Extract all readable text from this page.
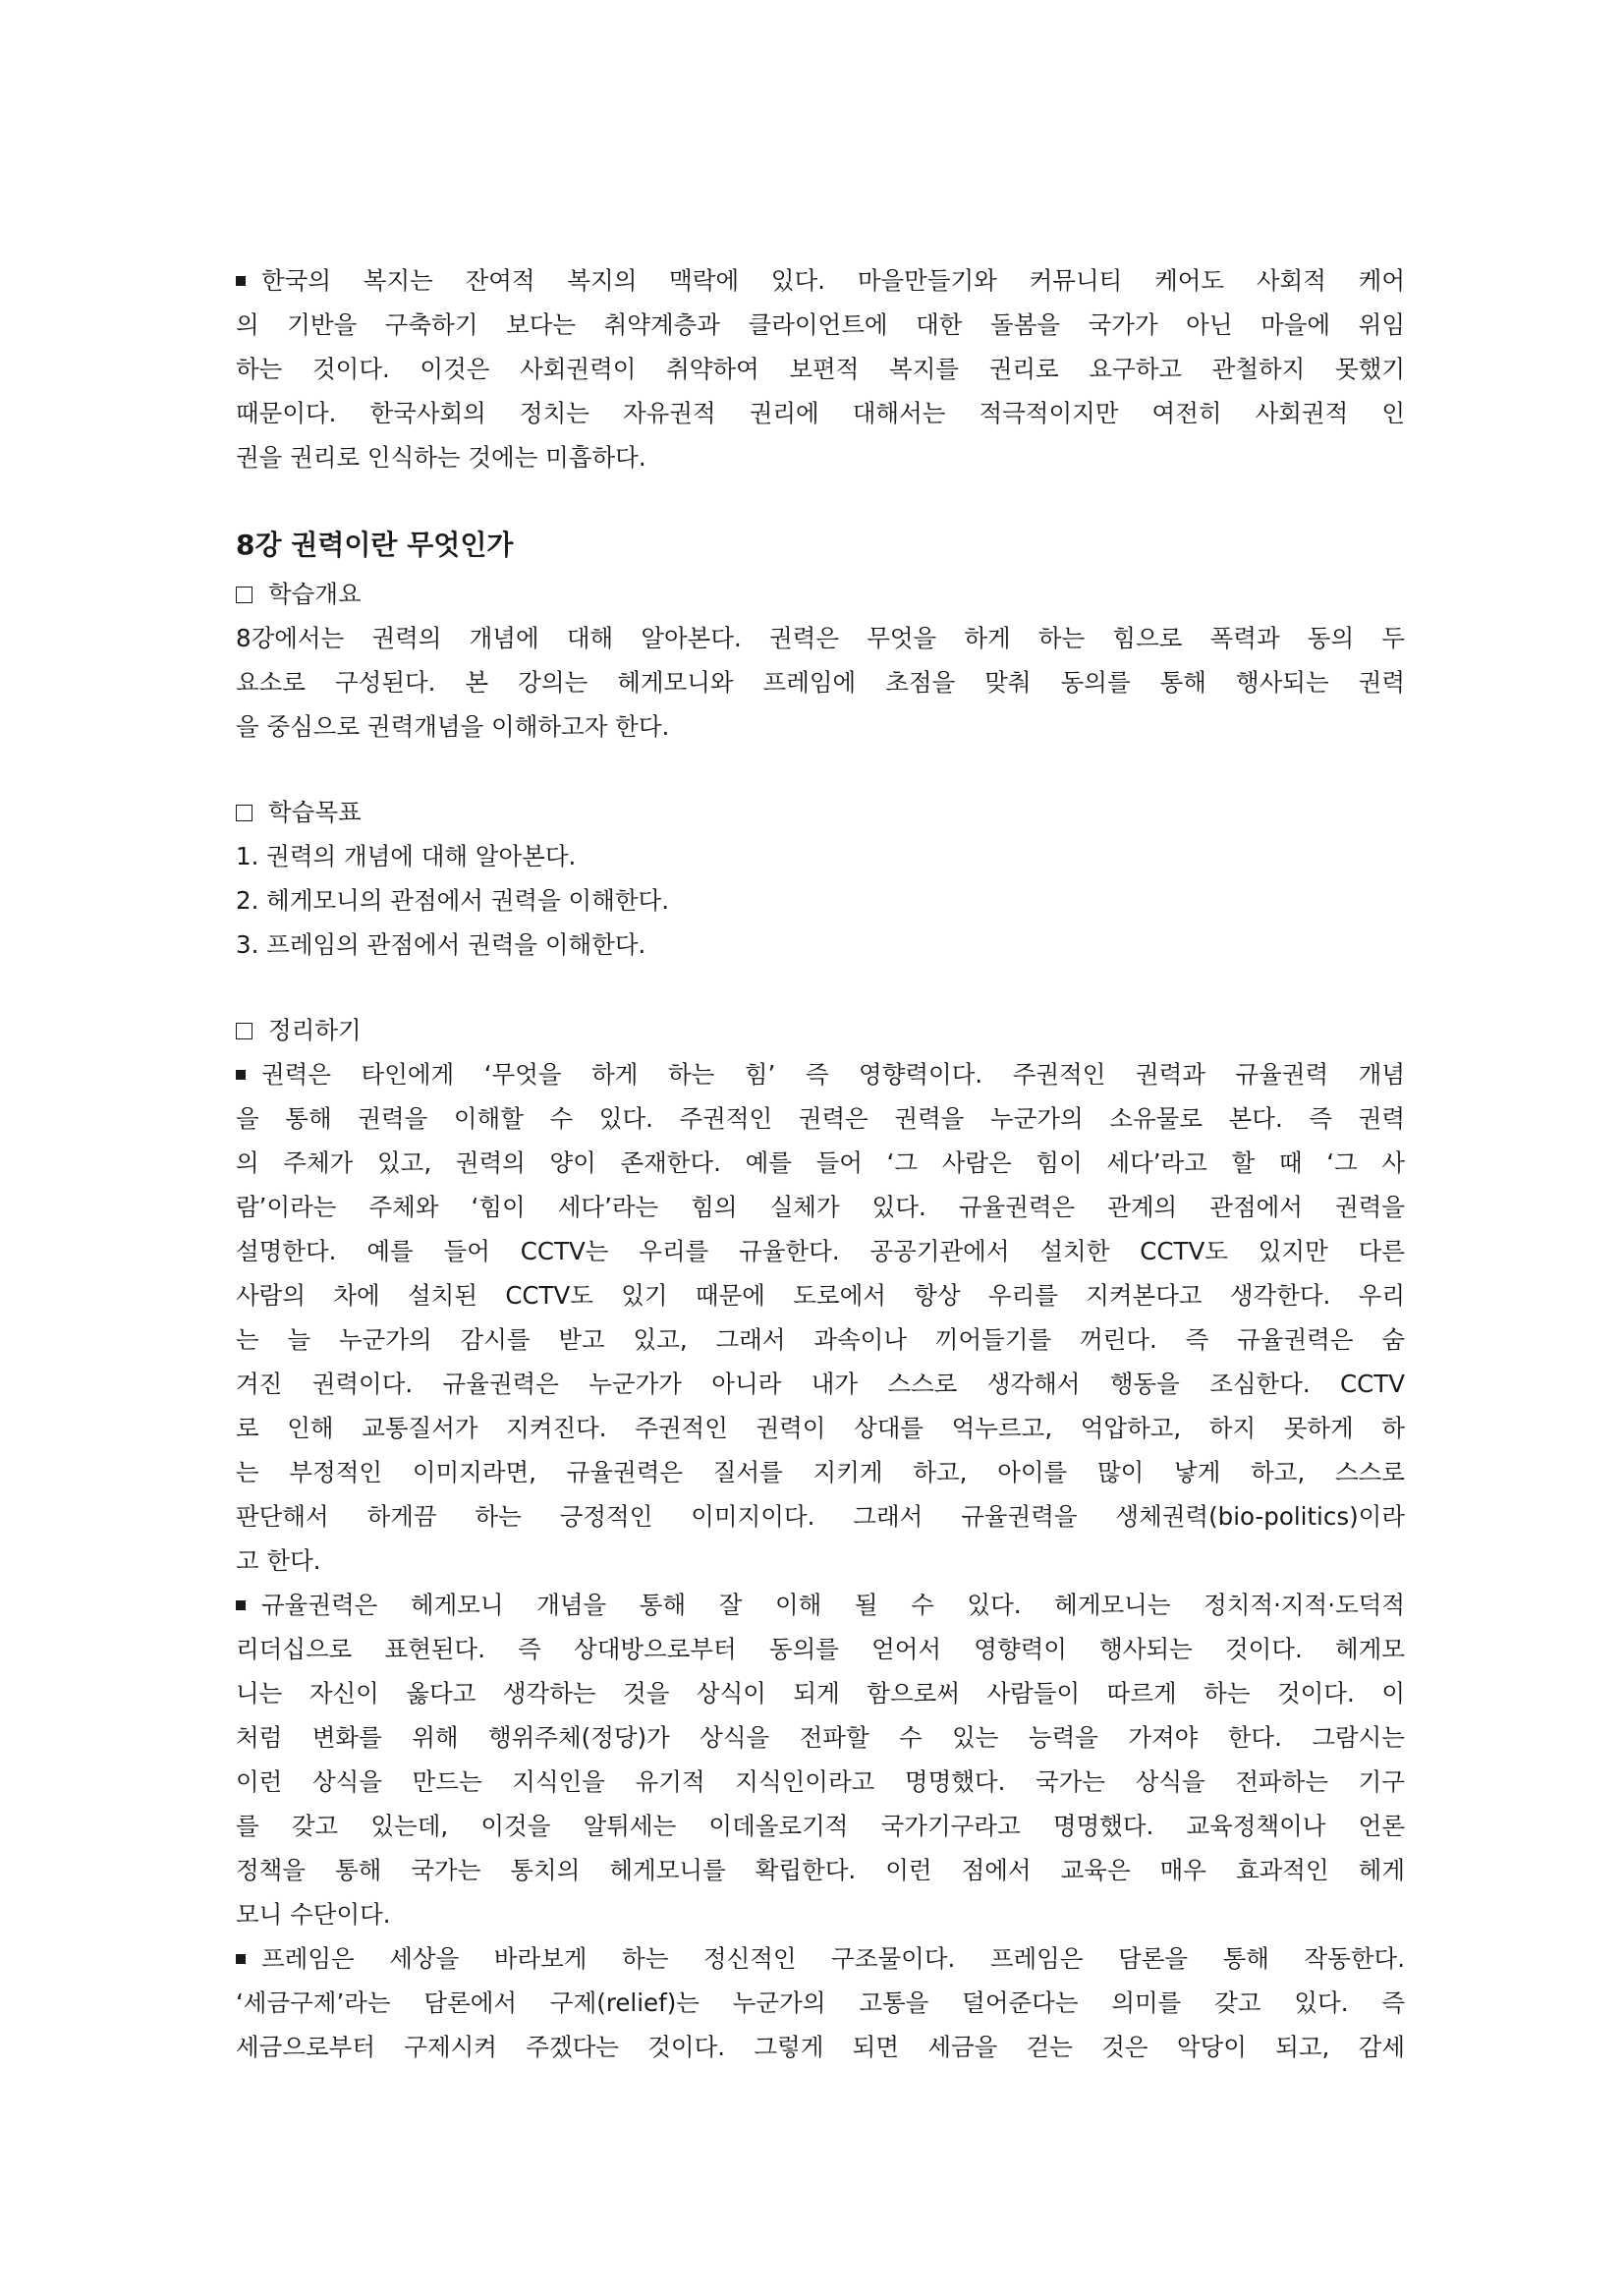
한국의 복지는 잔여적 복지의 맥락에 있다. 마을만들기와 커뮤니티 케어도 사회적 케어
의 기반을 구축하기 보다는 취약계층과 클라이언트에 대한 돌봄을 국가가 아닌 마을에 위임
하는 것이다. 이것은 사회권력이 취약하여 보편적 복지를 권리로 요구하고 관철하지 못했기
때문이다. 한국사회의 정치는 자유권적 권리에 대해서는 적극적이지만 여전히 사회권적 인
권을 권리로 인식하는 것에는 미흡하다.
8강 권력이란 무엇인가
학습개요
8강에서는 권력의 개념에 대해 알아본다. 권력은 무엇을 하게 하는 힘으로 폭력과 동의 두
요소로 구성된다. 본 강의는 헤게모니와 프레임에 초점을 맞춰 동의를 통해 행사되는 권력
을 중심으로 권력개념을 이해하고자 한다.
학습목표
1. 권력의 개념에 대해 알아본다.
2. 헤게모니의 관점에서 권력을 이해한다.
3. 프레임의 관점에서 권력을 이해한다.
정리하기
권력은 타인에게 ‘무엇을 하게 하는 힘’ 즉 영향력이다. 주권적인 권력과 규율권력 개념
을 통해 권력을 이해할 수 있다. 주권적인 권력은 권력을 누군가의 소유물로 본다. 즉 권력
의 주체가 있고, 권력의 양이 존재한다. 예를 들어 ‘그 사람은 힘이 세다’라고 할 때 ‘그 사
람’이라는 주체와 ‘힘이 세다’라는 힘의 실체가 있다. 규율권력은 관계의 관점에서 권력을
설명한다. 예를 들어 CCTV는 우리를 규율한다. 공공기관에서 설치한 CCTV도 있지만 다른
사람의 차에 설치된 CCTV도 있기 때문에 도로에서 항상 우리를 지켜본다고 생각한다. 우리
는 늘 누군가의 감시를 받고 있고, 그래서 과속이나 끼어들기를 꺼린다. 즉 규율권력은 숨
겨진 권력이다. 규율권력은 누군가가 아니라 내가 스스로 생각해서 행동을 조심한다. CCTV
로 인해 교통질서가 지켜진다. 주권적인 권력이 상대를 억누르고, 억압하고, 하지 못하게 하
는 부정적인 이미지라면, 규율권력은 질서를 지키게 하고, 아이를 많이 낳게 하고, 스스로
판단해서 하게끔 하는 긍정적인 이미지이다. 그래서 규율권력을 생체권력(bio-politics)이라
고 한다.
규율권력은 헤게모니 개념을 통해 잘 이해 될 수 있다. 헤게모니는 정치적·지적·도덕적
리더십으로 표현된다. 즉 상대방으로부터 동의를 얻어서 영향력이 행사되는 것이다. 헤게모
니는 자신이 옳다고 생각하는 것을 상식이 되게 함으로써 사람들이 따르게 하는 것이다. 이
처럼 변화를 위해 행위주체(정당)가 상식을 전파할 수 있는 능력을 가져야 한다. 그람시는
이런 상식을 만드는 지식인을 유기적 지식인이라고 명명했다. 국가는 상식을 전파하는 기구
를 갖고 있는데, 이것을 알튀세는 이데올로기적 국가기구라고 명명했다. 교육정책이나 언론
정책을 통해 국가는 통치의 헤게모니를 확립한다. 이런 점에서 교육은 매우 효과적인 헤게
모니 수단이다.
프레임은 세상을 바라보게 하는 정신적인 구조물이다. 프레임은 담론을 통해 작동한다.
‘세금구제’라는 담론에서 구제(relief)는 누군가의 고통을 덜어준다는 의미를 갖고 있다. 즉
세금으로부터 구제시켜 주겠다는 것이다. 그렇게 되면 세금을 걷는 것은 악당이 되고, 감세
